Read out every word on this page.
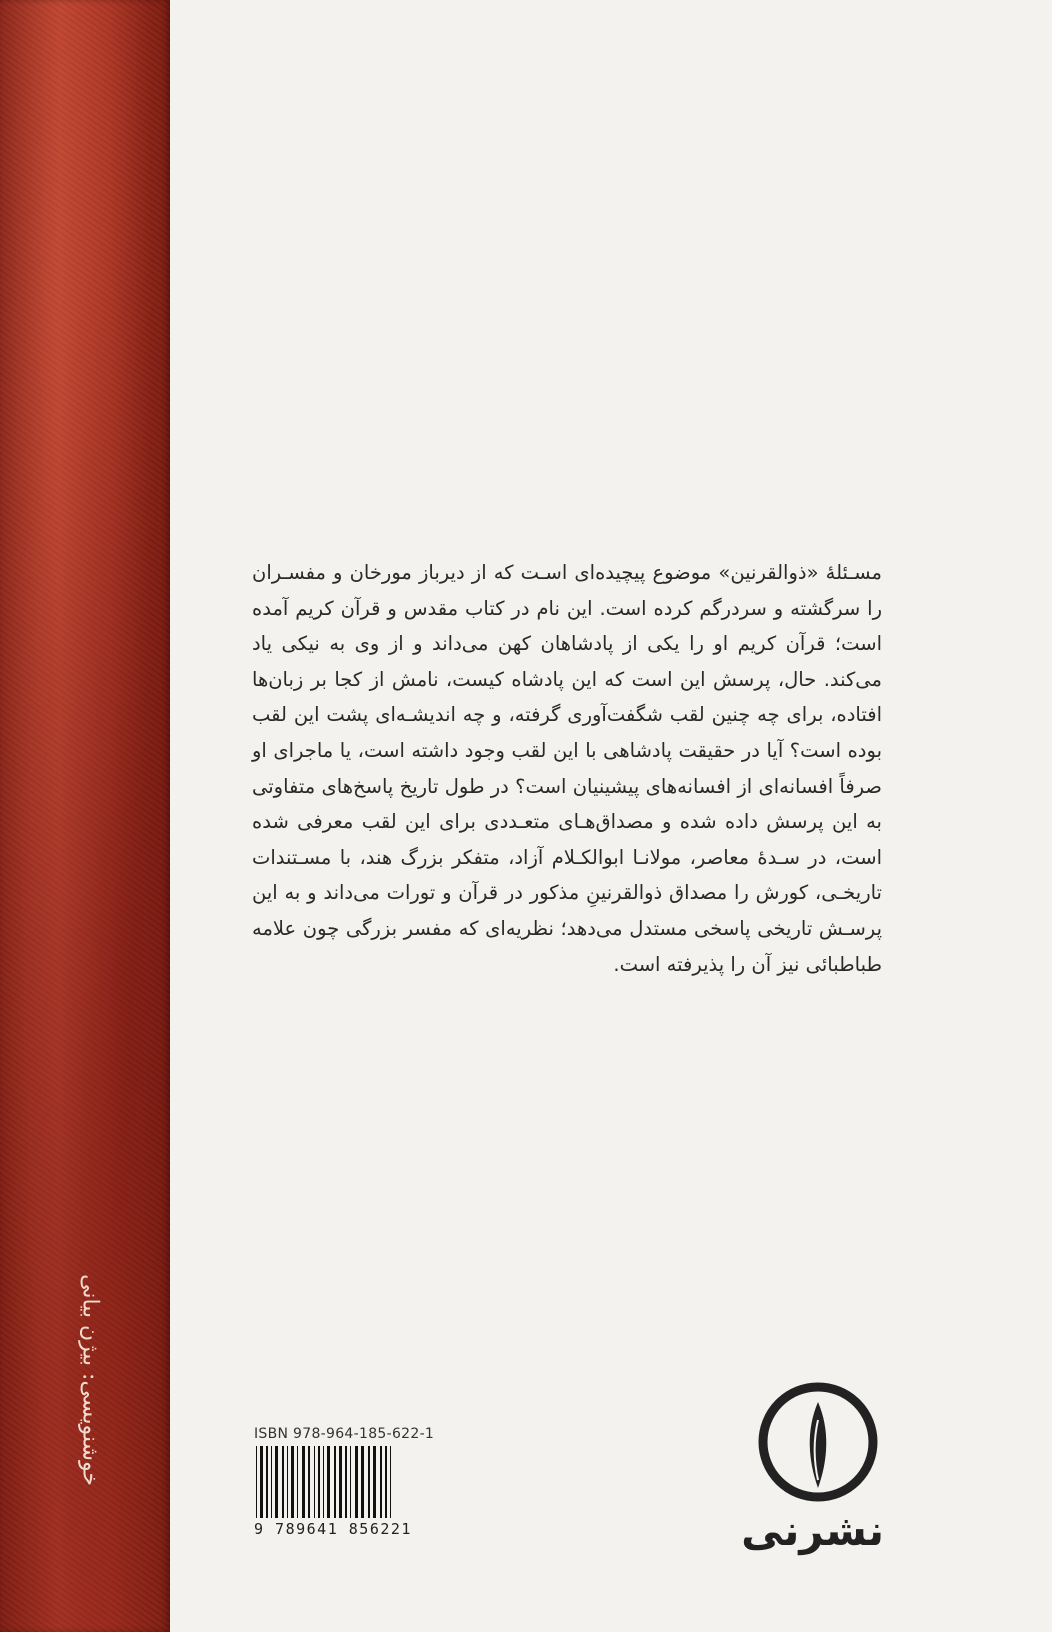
خوشنویسی: بیژن بیانی

مسـئلهٔ «ذوالقرنین» موضوع پیچیده‌ای اسـت که از دیرباز مورخان و مفسـران را سرگشته و سردرگم کرده است. این نام در کتاب مقدس و قرآن کریم آمده است؛ قرآن کریم او را یکی از پادشاهان کهن می‌داند و از وی به نیکی یاد می‌کند. حال، پرسش این است که این پادشاه کیست، نامش از کجا بر زبان‌ها افتاده، برای چه چنین لقب شگفت‌آوری گرفته، و چه اندیشـه‌ای پشت این لقب بوده است؟ آیا در حقیقت پادشاهی با این لقب وجود داشته است، یا ماجرای او صرفاً افسانه‌ای از افسانه‌های پیشینیان است؟ در طول تاریخ پاسخ‌های متفاوتی به این پرسش داده شده و مصداق‌هـای متعـددی برای این لقب معرفی شده است، در سـدهٔ معاصر، مولانـا ابوالکـلام آزاد، متفکر بزرگ هند، با مسـتندات تاریخـی، کورش را مصداق ذوالقرنینِ مذکور در قرآن و تورات می‌داند و به این پرسـش تاریخی پاسخی مستدل می‌دهد؛ نظریه‌ای که مفسر بزرگی چون علامه طباطبائی نیز آن را پذیرفته است.

ISBN 978-964-185-622-1
9 789641 856221	نشرنی
